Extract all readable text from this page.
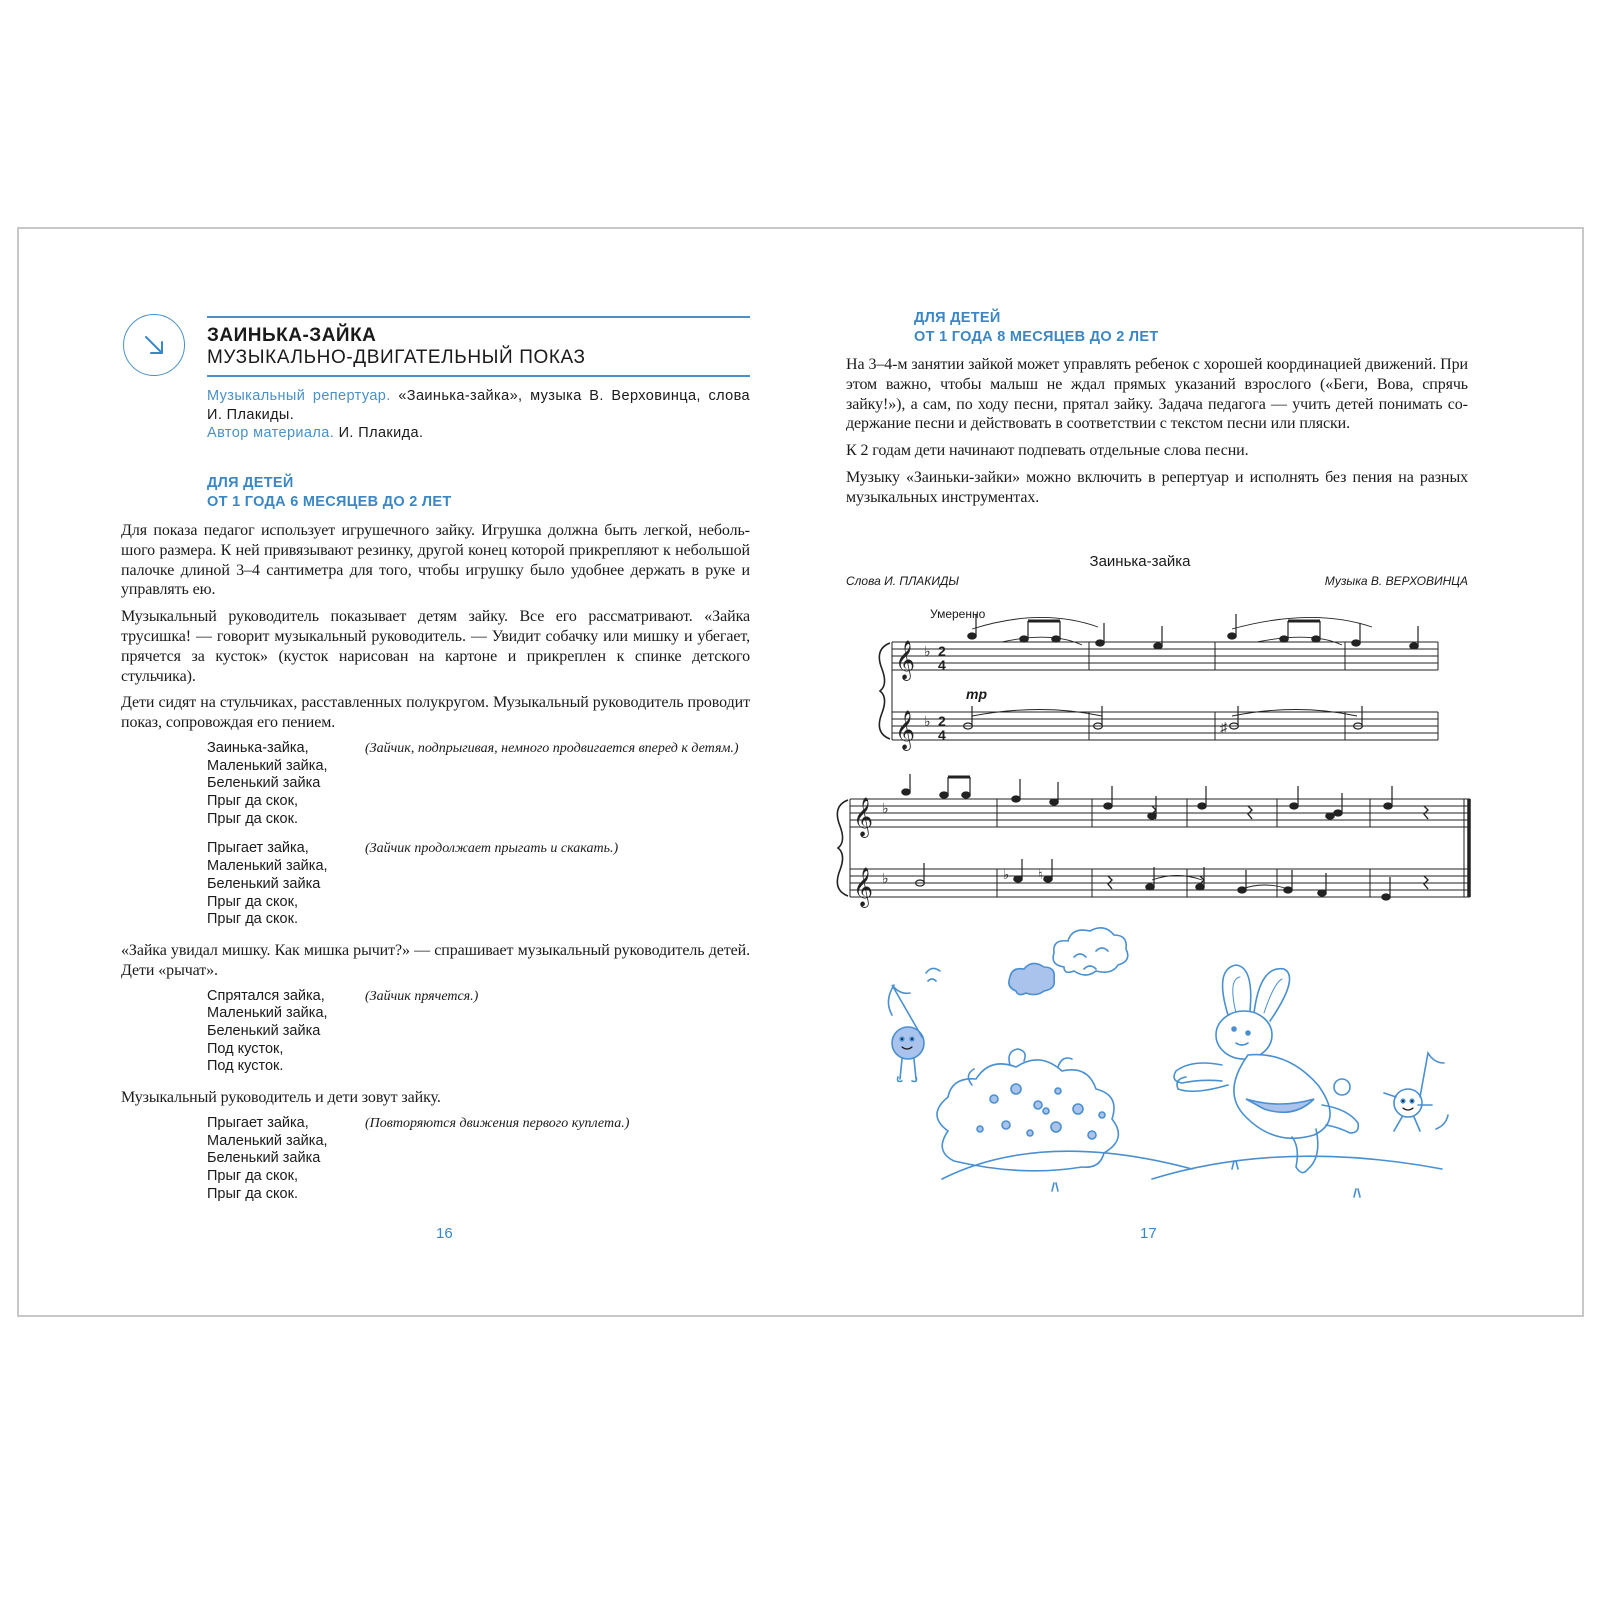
ЗАИНЬКА-ЗАЙКА
МУЗЫКАЛЬНО-ДВИГАТЕЛЬНЫЙ ПОКАЗ
Музыкальный репертуар. «Заинька-зайка», музыка В. Верховинца, слова И. Плакиды.
Автор материала. И. Плакида.
ДЛЯ ДЕТЕЙ
ОТ 1 ГОДА 6 МЕСЯЦЕВ ДО 2 ЛЕТ

Для показа педагог использует игрушечного зайку. Игрушка должна быть легкой, небольшого размера. К ней привязывают резинку, другой конец которой прикрепляют к небольшой палочке длиной 3–4 сантиметра для того, чтобы игрушку было удобнее держать в руке и управлять ею.

Музыкальный руководитель показывает детям зайку. Все его рассматривают. «Зайка трусишка! — говорит музыкальный руководитель. — Увидит собачку или мишку и убегает, прячется за кусток» (кусток нарисован на картоне и прикреплен к спинке детского стульчика).

Дети сидят на стульчиках, расставленных полукругом. Музыкальный руководитель проводит показ, сопровождая его пением.

Заинька-зайка,
Маленький зайка,
Беленький зайка
Прыг да скок,
Прыг да скок.
(Зайчик, подпрыгивая, немного продвигается вперед к детям.)
Прыгает зайка,
Маленький зайка,
Беленький зайка
Прыг да скок,
Прыг да скок.
(Зайчик продолжает прыгать и скакать.)

«Зайка увидал мишку. Как мишка рычит?» — спрашивает музыкальный руководитель детей. Дети «рычат».

Спрятался зайка,
Маленький зайка,
Беленький зайка
Под кусток,
Под кусток.
(Зайчик прячется.)

Музыкальный руководитель и дети зовут зайку.

Прыгает зайка,
Маленький зайка,
Беленький зайка
Прыг да скок,
Прыг да скок.
(Повторяются движения первого куплета.)
16
ДЛЯ ДЕТЕЙ
ОТ 1 ГОДА 8 МЕСЯЦЕВ ДО 2 ЛЕТ

На 3–4-м занятии зайкой может управлять ребенок с хорошей координацией движений. При этом важно, чтобы малыш не ждал прямых указаний взрослого («Беги, Вова, спрячь зайку!»), а сам, по ходу песни, прятал зайку. Задача педагога — учить детей понимать содержание песни и действовать в соответствии с текстом песни или пляски.

К 2 годам дети начинают подпевать отдельные слова песни.

Музыку «Заиньки-зайки» можно включить в репертуар и исполнять без пения на разных музыкальных инструментах.

Заинька-зайка
Слова И. ПЛАКИДЫ	Музыка В. ВЕРХОВИНЦА
Умеренно
mp
𝄞
𝄞
♭
♭
2
4
2
4	♯
𝄞
𝄞
♭
♭	♭ ♮
17
